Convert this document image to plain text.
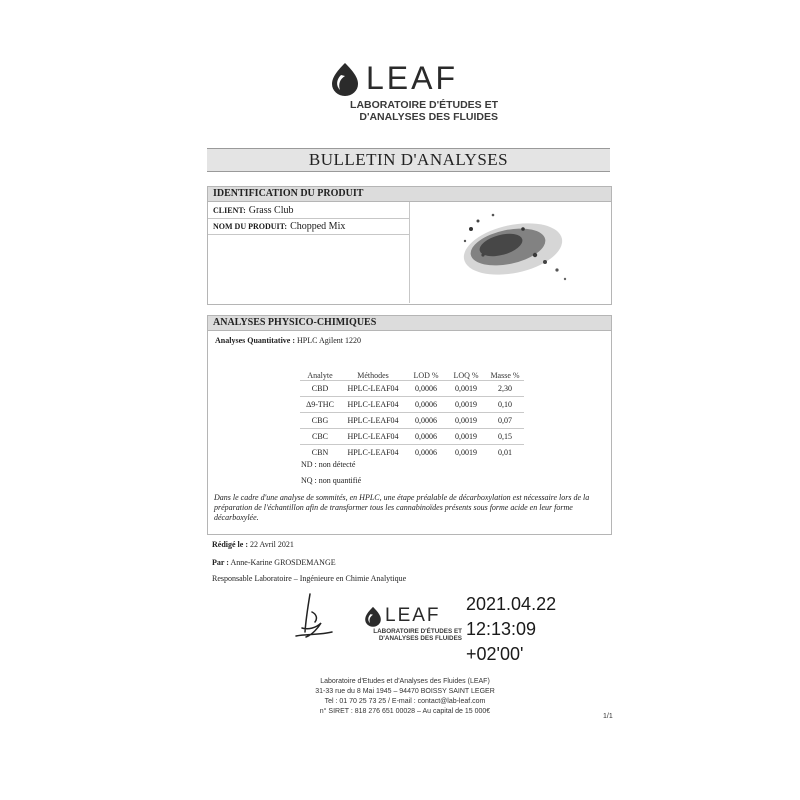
LEAF
LABORATOIRE D'ÉTUDES ET
D'ANALYSES DES FLUIDES
BULLETIN D'ANALYSES
IDENTIFICATION DU PRODUIT
CLIENT: Grass Club
NOM DU PRODUIT: Chopped Mix
ANALYSES PHYSICO-CHIMIQUES
Analyses Quantitative : HPLC Agilent 1220
Analyte	Méthodes	LOD %	LOQ %	Masse %
CBD	HPLC-LEAF04	0,0006	0,0019	2,30
Δ9-THC	HPLC-LEAF04	0,0006	0,0019	0,10
CBG	HPLC-LEAF04	0,0006	0,0019	0,07
CBC	HPLC-LEAF04	0,0006	0,0019	0,15
CBN	HPLC-LEAF04	0,0006	0,0019	0,01
ND : non détecté
NQ : non quantifié
Dans le cadre d'une analyse de sommités, en HPLC, une étape préalable de décarboxylation est nécessaire lors de la préparation de l'échantillon afin de transformer tous les cannabinoïdes présents sous forme acide en leur forme décarboxylée.
Rédigé le : 22 Avril 2021
Par : Anne-Karine GROSDEMANGE
Responsable Laboratoire – Ingénieure en Chimie Analytique
LEAF
LABORATOIRE D'ÉTUDES ET
D'ANALYSES DES FLUIDES
2021.04.22
12:13:09
+02'00'
Laboratoire d'Etudes et d'Analyses des Fluides (LEAF)
31-33 rue du 8 Mai 1945 – 94470 BOISSY SAINT LEGER
Tel : 01 70 25 73 25 / E-mail : contact@lab-leaf.com
n° SIRET : 818 276 651 00028 – Au capital de 15 000€
1/1
